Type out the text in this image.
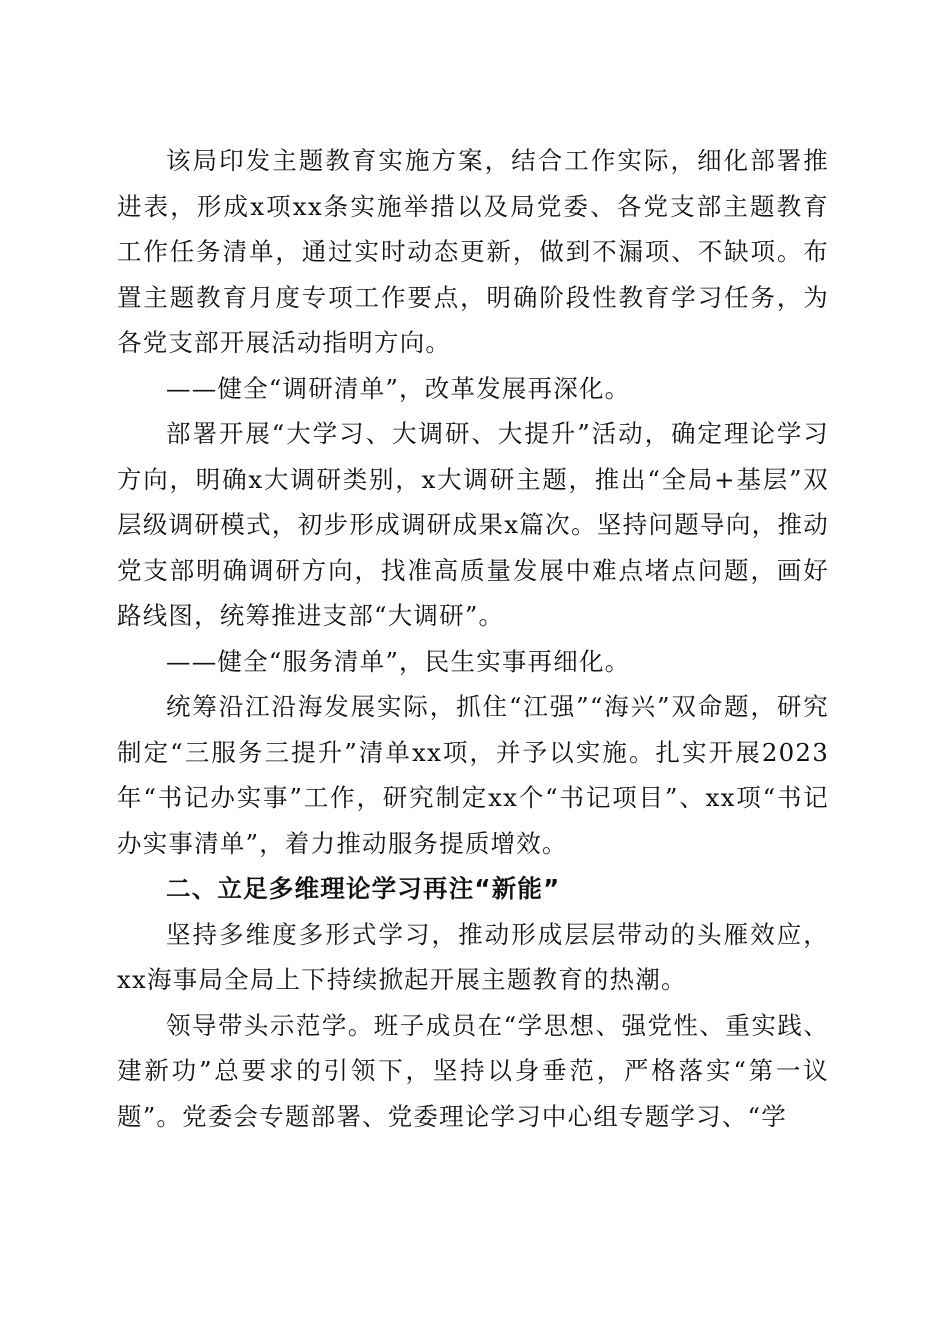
该局印发主题教育实施方案，结合工作实际，细化部署推进表，形成x项xx条实施举措以及局党委、各党支部主题教育工作任务清单，通过实时动态更新，做到不漏项、不缺项。布置主题教育月度专项工作要点，明确阶段性教育学习任务，为各党支部开展活动指明方向。

——健全“调研清单”，改革发展再深化。

部署开展“大学习、大调研、大提升”活动，确定理论学习方向，明确x大调研类别，x大调研主题，推出“全局+基层”双层级调研模式，初步形成调研成果x篇次。坚持问题导向，推动党支部明确调研方向，找准高质量发展中难点堵点问题，画好路线图，统筹推进支部“大调研”。

——健全“服务清单”，民生实事再细化。

统筹沿江沿海发展实际，抓住“江强”“海兴”双命题，研究制定“三服务三提升”清单xx项，并予以实施。扎实开展2023年“书记办实事”工作，研究制定xx个“书记项目”、xx项“书记办实事清单”，着力推动服务提质增效。

二、立足多维理论学习再注“新能”

坚持多维度多形式学习，推动形成层层带动的头雁效应，xx海事局全局上下持续掀起开展主题教育的热潮。

领导带头示范学。班子成员在“学思想、强党性、重实践、建新功”总要求的引领下，坚持以身垂范，严格落实“第一议题”。党委会专题部署、党委理论学习中心组专题学习、“学
